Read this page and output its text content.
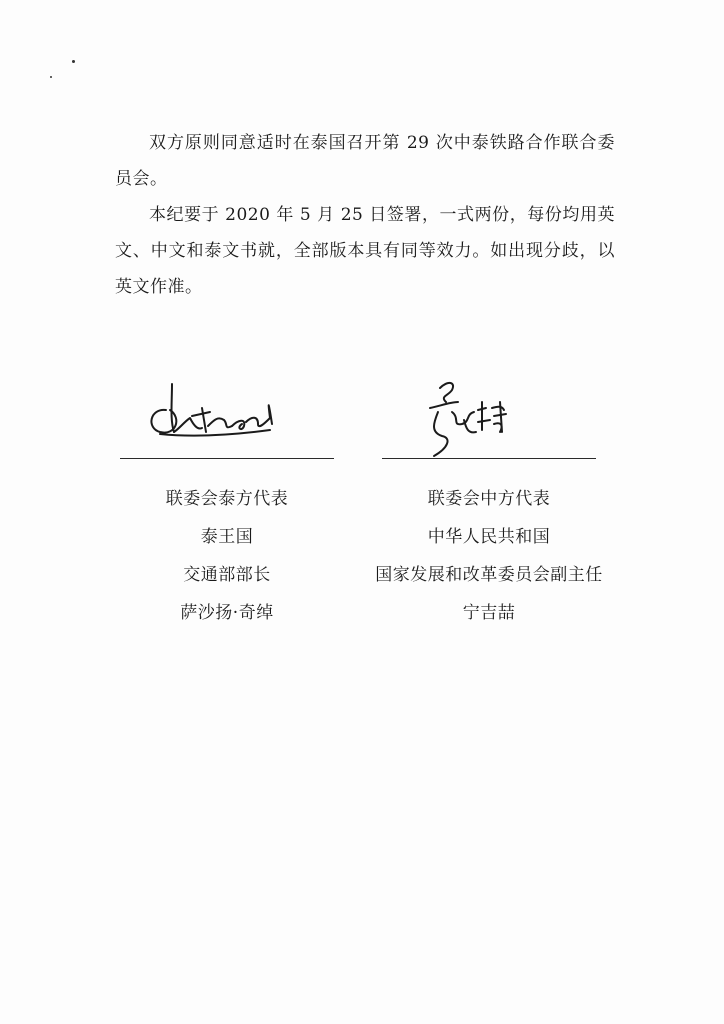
双方原则同意适时在泰国召开第 29 次中泰铁路合作联合委员会。

本纪要于 2020 年 5 月 25 日签署，一式两份，每份均用英文、中文和泰文书就，全部版本具有同等效力。如出现分歧，以英文作准。

联委会泰方代表

泰王国

交通部部长

萨沙扬·奇绰

联委会中方代表

中华人民共和国

国家发展和改革委员会副主任

宁吉喆
